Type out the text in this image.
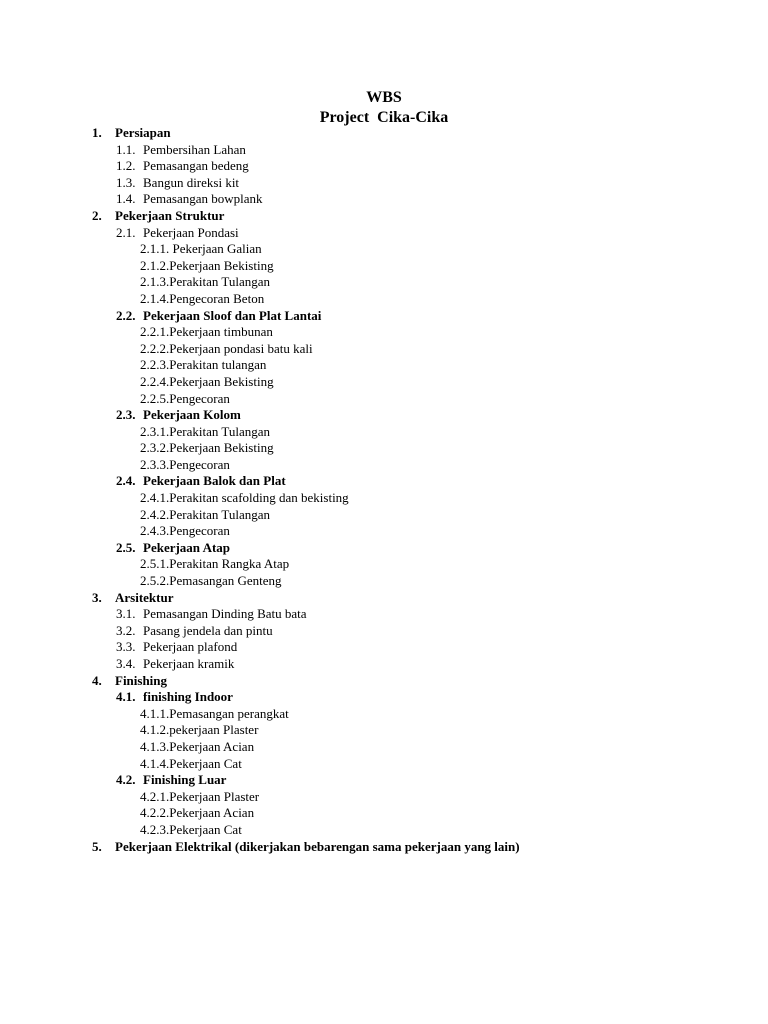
WBS
Project  Cika-Cika
1. Persiapan
1.1. Pembersihan Lahan
1.2. Pemasangan bedeng
1.3. Bangun direksi kit
1.4. Pemasangan bowplank
2. Pekerjaan Struktur
2.1. Pekerjaan Pondasi
2.1.1. Pekerjaan Galian
2.1.2.Pekerjaan Bekisting
2.1.3.Perakitan Tulangan
2.1.4.Pengecoran Beton
2.2. Pekerjaan Sloof dan Plat Lantai
2.2.1.Pekerjaan timbunan
2.2.2.Pekerjaan pondasi batu kali
2.2.3.Perakitan tulangan
2.2.4.Pekerjaan Bekisting
2.2.5.Pengecoran
2.3. Pekerjaan Kolom
2.3.1.Perakitan Tulangan
2.3.2.Pekerjaan Bekisting
2.3.3.Pengecoran
2.4. Pekerjaan Balok dan Plat
2.4.1.Perakitan scafolding dan bekisting
2.4.2.Perakitan Tulangan
2.4.3.Pengecoran
2.5. Pekerjaan Atap
2.5.1.Perakitan Rangka Atap
2.5.2.Pemasangan Genteng
3. Arsitektur
3.1. Pemasangan Dinding Batu bata
3.2. Pasang jendela dan pintu
3.3. Pekerjaan plafond
3.4. Pekerjaan kramik
4. Finishing
4.1. finishing Indoor
4.1.1.Pemasangan perangkat
4.1.2.pekerjaan Plaster
4.1.3.Pekerjaan Acian
4.1.4.Pekerjaan Cat
4.2. Finishing Luar
4.2.1.Pekerjaan Plaster
4.2.2.Pekerjaan Acian
4.2.3.Pekerjaan Cat
5. Pekerjaan Elektrikal (dikerjakan bebarengan sama pekerjaan yang lain)
